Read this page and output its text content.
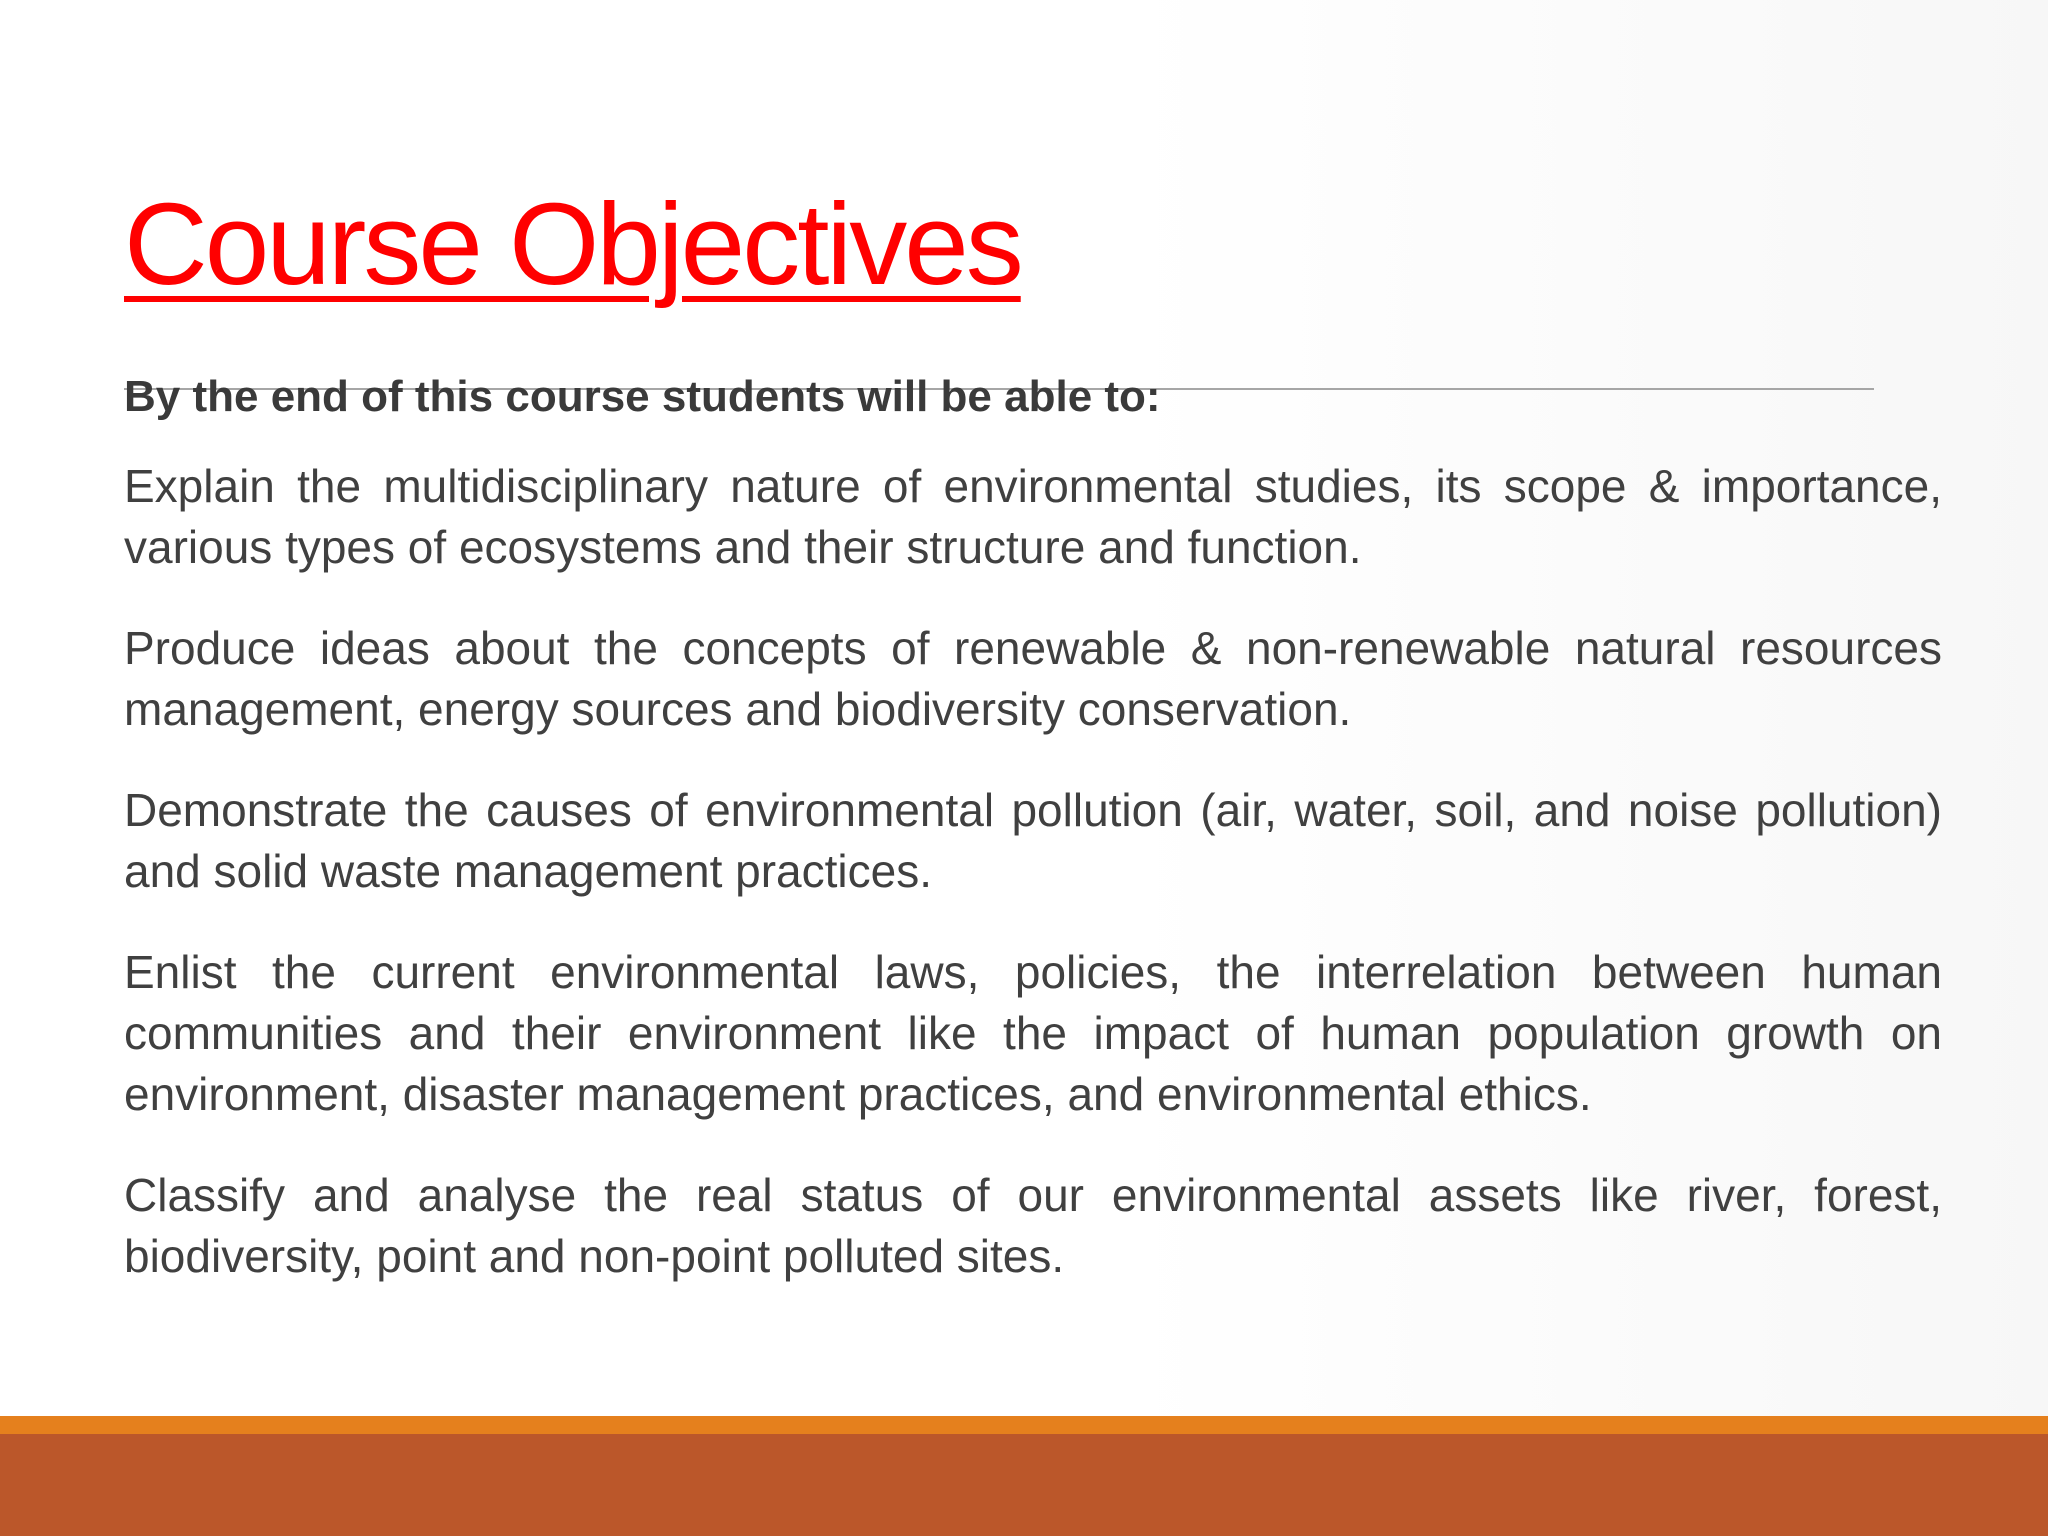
Course Objectives

By the end of this course students will be able to:

Explain the multidisciplinary nature of environmental studies, its scope & importance, various types of ecosystems and their structure and function.

Produce ideas about the concepts of renewable & non-renewable natural resources management, energy sources and biodiversity conservation.

Demonstrate the causes of environmental pollution (air, water, soil, and noise pollution) and solid waste management practices.

Enlist the current environmental laws, policies, the interrelation between human communities and their environment like the impact of human population growth on environment, disaster management practices, and environmental ethics.

Classify and analyse the real status of our environmental assets like river, forest, biodiversity, point and non-point polluted sites.
